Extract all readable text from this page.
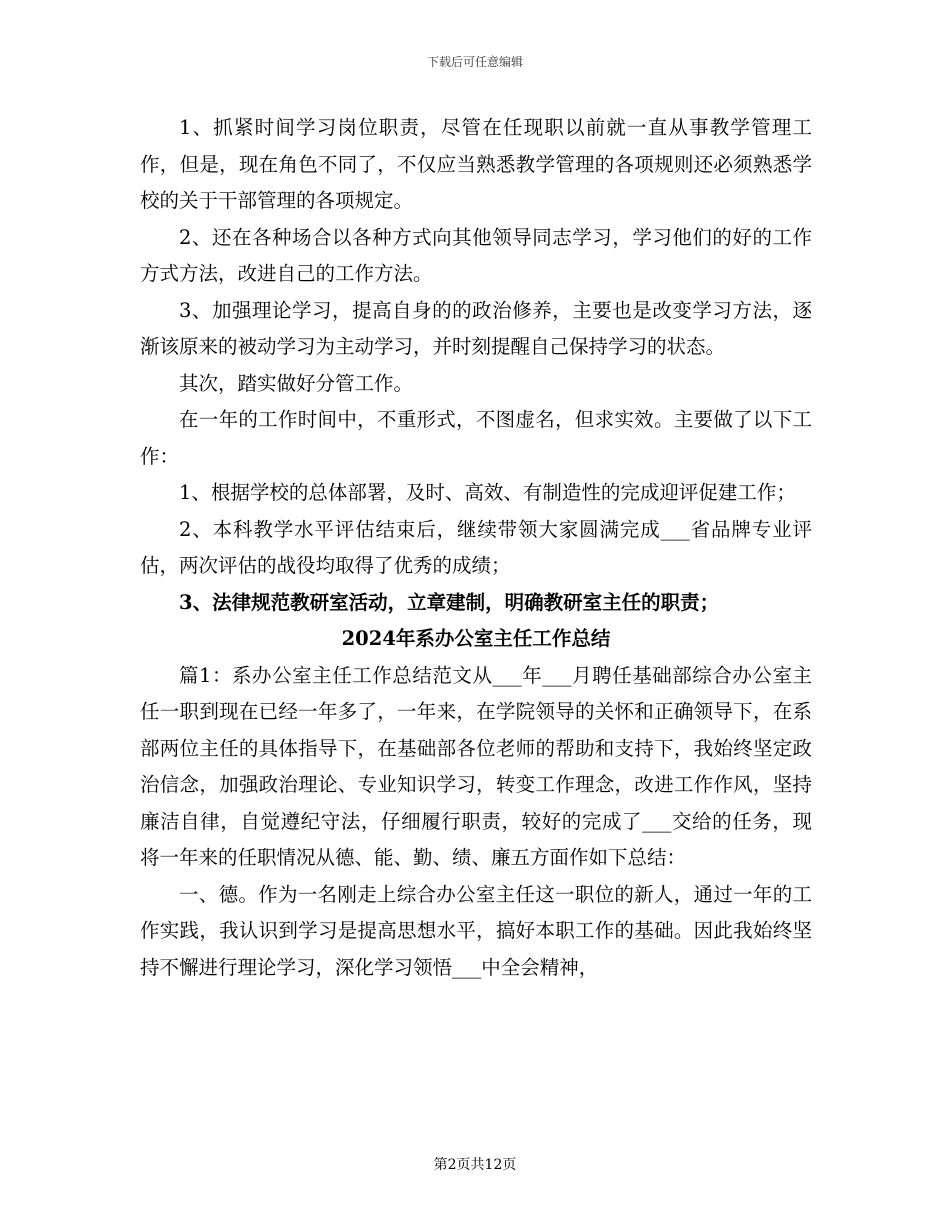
下载后可任意编辑

1、抓紧时间学习岗位职责，尽管在任现职以前就一直从事教学管理工作，但是，现在角色不同了，不仅应当熟悉教学管理的各项规则还必须熟悉学校的关于干部管理的各项规定。

2、还在各种场合以各种方式向其他领导同志学习，学习他们的好的工作方式方法，改进自己的工作方法。

3、加强理论学习，提高自身的的政治修养，主要也是改变学习方法，逐渐该原来的被动学习为主动学习，并时刻提醒自己保持学习的状态。

其次，踏实做好分管工作。

在一年的工作时间中，不重形式，不图虚名，但求实效。主要做了以下工作：

1、根据学校的总体部署，及时、高效、有制造性的完成迎评促建工作；

2、本科教学水平评估结束后，继续带领大家圆满完成___省品牌专业评估，两次评估的战役均取得了优秀的成绩；

3、法律规范教研室活动，立章建制，明确教研室主任的职责；

2024年系办公室主任工作总结

篇1：系办公室主任工作总结范文从___年___月聘任基础部综合办公室主任一职到现在已经一年多了，一年来，在学院领导的关怀和正确领导下，在系部两位主任的具体指导下，在基础部各位老师的帮助和支持下，我始终坚定政治信念，加强政治理论、专业知识学习，转变工作理念，改进工作作风，坚持廉洁自律，自觉遵纪守法，仔细履行职责，较好的完成了___交给的任务，现将一年来的任职情况从德、能、勤、绩、廉五方面作如下总结：

一、德。作为一名刚走上综合办公室主任这一职位的新人，通过一年的工作实践，我认识到学习是提高思想水平，搞好本职工作的基础。因此我始终坚持不懈进行理论学习，深化学习领悟___中全会精神，

第2页共12页
